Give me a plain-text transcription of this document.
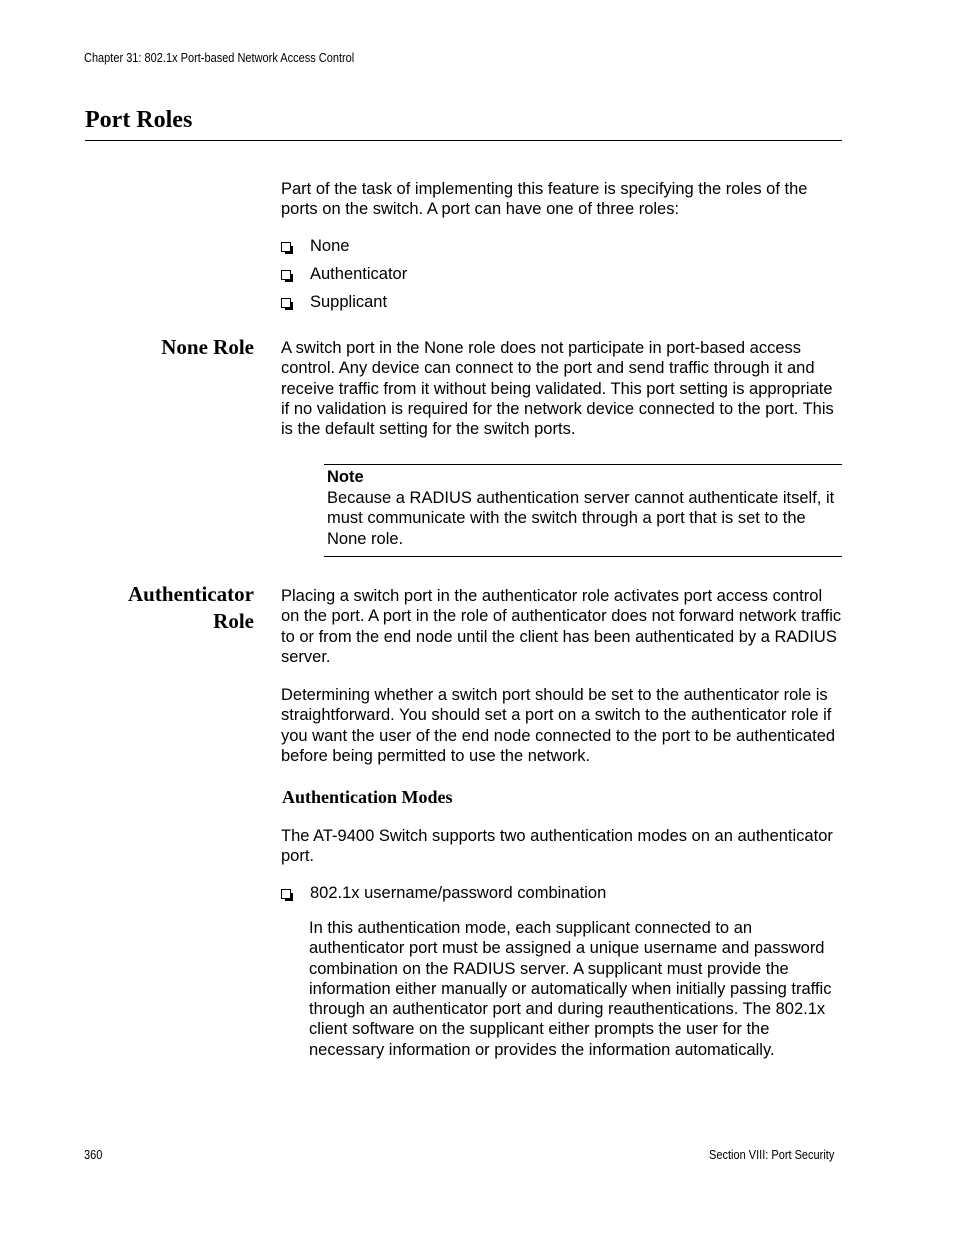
Chapter 31: 802.1x Port-based Network Access Control
Port Roles
Part of the task of implementing this feature is specifying the roles of the ports on the switch. A port can have one of three roles:
None
Authenticator
Supplicant
None Role A switch port in the None role does not participate in port-based access control. Any device can connect to the port and send traffic through it and receive traffic from it without being validated. This port setting is appropriate if no validation is required for the network device connected to the port. This is the default setting for the switch ports.
Note
Because a RADIUS authentication server cannot authenticate itself, it must communicate with the switch through a port that is set to the None role.
Authenticator
Role
Placing a switch port in the authenticator role activates port access control on the port. A port in the role of authenticator does not forward network traffic to or from the end node until the client has been authenticated by a RADIUS server.
Determining whether a switch port should be set to the authenticator role is straightforward. You should set a port on a switch to the authenticator role if you want the user of the end node connected to the port to be authenticated before being permitted to use the network.
Authentication Modes
The AT-9400 Switch supports two authentication modes on an authenticator port.
802.1x username/password combination
In this authentication mode, each supplicant connected to an authenticator port must be assigned a unique username and password combination on the RADIUS server. A supplicant must provide the information either manually or automatically when initially passing traffic through an authenticator port and during reauthentications. The 802.1x client software on the supplicant either prompts the user for the necessary information or provides the information automatically.
360	Section VIII: Port Security
